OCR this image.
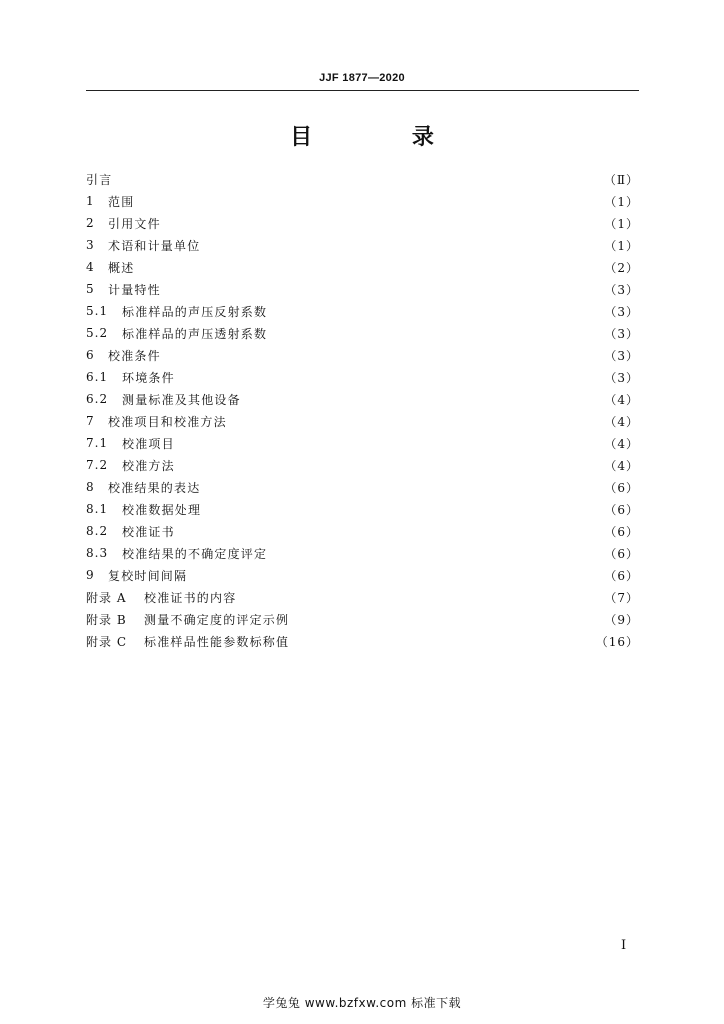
JJF 1877—2020
目 录
引言	（Ⅱ）
1	范围	（1）
2	引用文件	（1）
3	术语和计量单位	（1）
4	概述	（2）
5	计量特性	（3）
5.1	标准样品的声压反射系数	（3）
5.2	标准样品的声压透射系数	（3）
6	校准条件	（3）
6.1	环境条件	（3）
6.2	测量标准及其他设备	（4）
7	校准项目和校准方法	（4）
7.1	校准项目	（4）
7.2	校准方法	（4）
8	校准结果的表达	（6）
8.1	校准数据处理	（6）
8.2	校准证书	（6）
8.3	校准结果的不确定度评定	（6）
9	复校时间间隔	（6）
附录 A	校准证书的内容	（7）
附录 B	测量不确定度的评定示例	（9）
附录 C	标准样品性能参数标称值	（16）
I
学兔兔 www.bzfxw.com 标准下载
